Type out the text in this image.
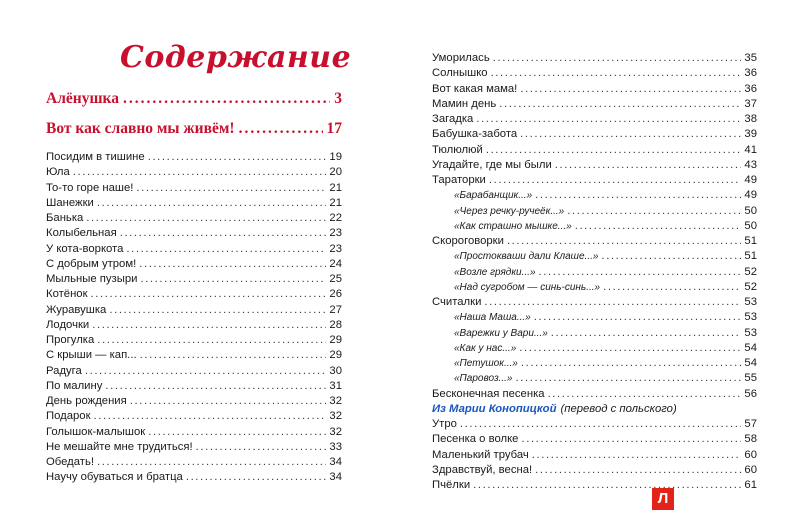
Содержание
Алёнушка .....	3
Вот как славно мы живём! .....	17
Посидим в тишине .....	19
Юла .....	20
То-то горе наше! .....	21
Шанежки .....	21
Банька .....	22
Колыбельная .....	23
У кота-воркота .....	23
С добрым утром! .....	24
Мыльные пузыри .....	25
Котёнок .....	26
Журавушка .....	27
Лодочки .....	28
Прогулка .....	29
С крыши — кап... .....	29
Радуга .....	30
По малину .....	31
День рождения .....	32
Подарок .....	32
Голышок-малышок .....	32
Не мешайте мне трудиться! .....	33
Обедать! .....	34
Научу обуваться и братца .....	34
Уморилась .....	35
Солнышко .....	36
Вот какая мама! .....	36
Мамин день .....	37
Загадка .....	38
Бабушка-забота .....	39
Тюлюлюй .....	41
Угадайте, где мы были .....	43
Тараторки .....	49
«Барабанщик...» .....	49
«Через речку-ручеёк...» .....	50
«Как страшно мышке...» .....	50
Скороговорки .....	51
«Простокваши дали Клаше...» .....	51
«Возле грядки...» .....	52
«Над сугробом — синь-синь...» .....	52
Считалки .....	53
«Наша Маша...» .....	53
«Варежки у Вари...» .....	53
«Как у нас...» .....	54
«Петушок...» .....	54
«Паровоз...» .....	55
Бесконечная песенка .....	56
Из Марии Конопицкой (перевод с польского)
Утро .....	57
Песенка о волке .....	58
Маленький трубач .....	60
Здравствуй, весна! .....	60
Пчёлки .....	61
Л
